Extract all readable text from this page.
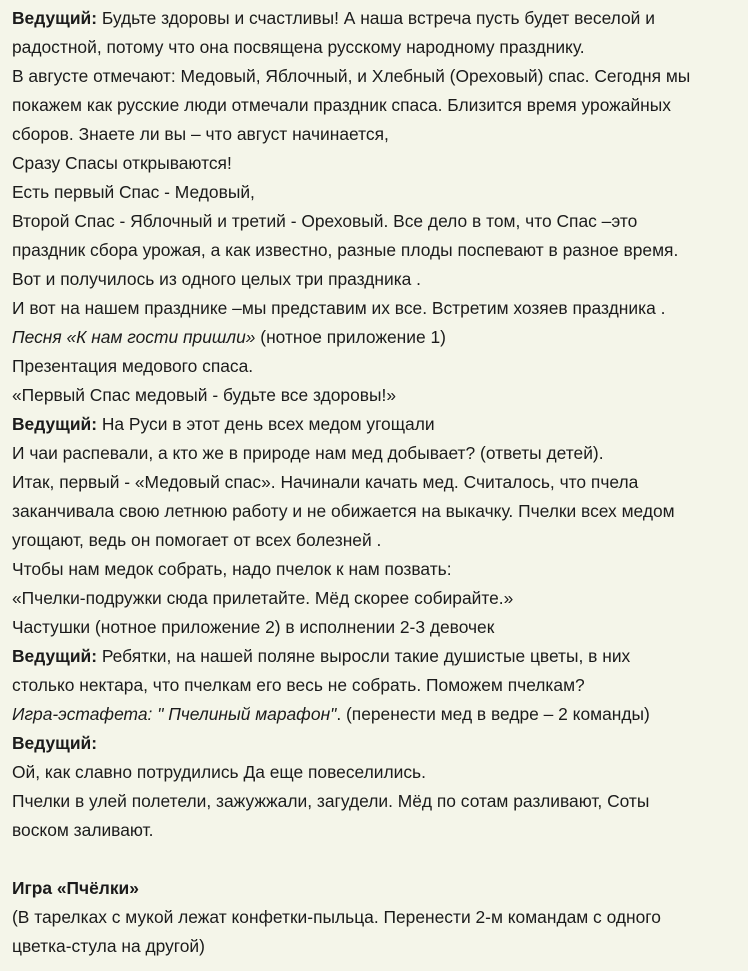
Ведущий: Будьте здоровы и счастливы! А наша встреча пусть будет веселой и
радостной, потому что она посвящена русскому народному празднику.
В августе отмечают: Медовый, Яблочный, и Хлебный (Ореховый) спас. Сегодня мы
покажем как русские люди отмечали праздник спаса. Близится время урожайных
сборов. Знаете ли вы – что август начинается,
Сразу Спасы открываются!
Есть первый Спас - Медовый,
Второй Спас - Яблочный и третий - Ореховый. Все дело в том, что Спас –это
праздник сбора урожая, а как известно, разные плоды поспевают в разное время.
Вот и получилось из одного целых три праздника .
И вот на нашем празднике –мы представим их все. Встретим хозяев праздника .
Песня «К нам гости пришли» (нотное приложение 1)
Презентация медового спаса.
«Первый Спас медовый - будьте все здоровы!»
Ведущий: На Руси в этот день всех медом угощали
И чаи распевали, а кто же в природе нам мед добывает? (ответы детей).
Итак, первый - «Медовый спас». Начинали качать мед. Считалось, что пчела
заканчивала свою летнюю работу и не обижается на выкачку. Пчелки всех медом
угощают, ведь он помогает от всех болезней .
Чтобы нам медок собрать, надо пчелок к нам позвать:
«Пчелки-подружки сюда прилетайте. Мёд скорее собирайте.»
Частушки (нотное приложение 2) в исполнении 2-3 девочек
Ведущий: Ребятки, на нашей поляне выросли такие душистые цветы, в них
столько нектара, что пчелкам его весь не собрать. Поможем пчелкам?
Игра-эстафета: " Пчелиный марафон". (перенести мед в ведре – 2 команды)
Ведущий:
Ой, как славно потрудились Да еще повеселились.
Пчелки в улей полетели, зажужжали, загудели. Мёд по сотам разливают, Соты
воском заливают.
Игра «Пчёлки»
(В тарелках с мукой лежат конфетки-пыльца. Перенести 2-м командам с одного
цветка-стула на другой)
